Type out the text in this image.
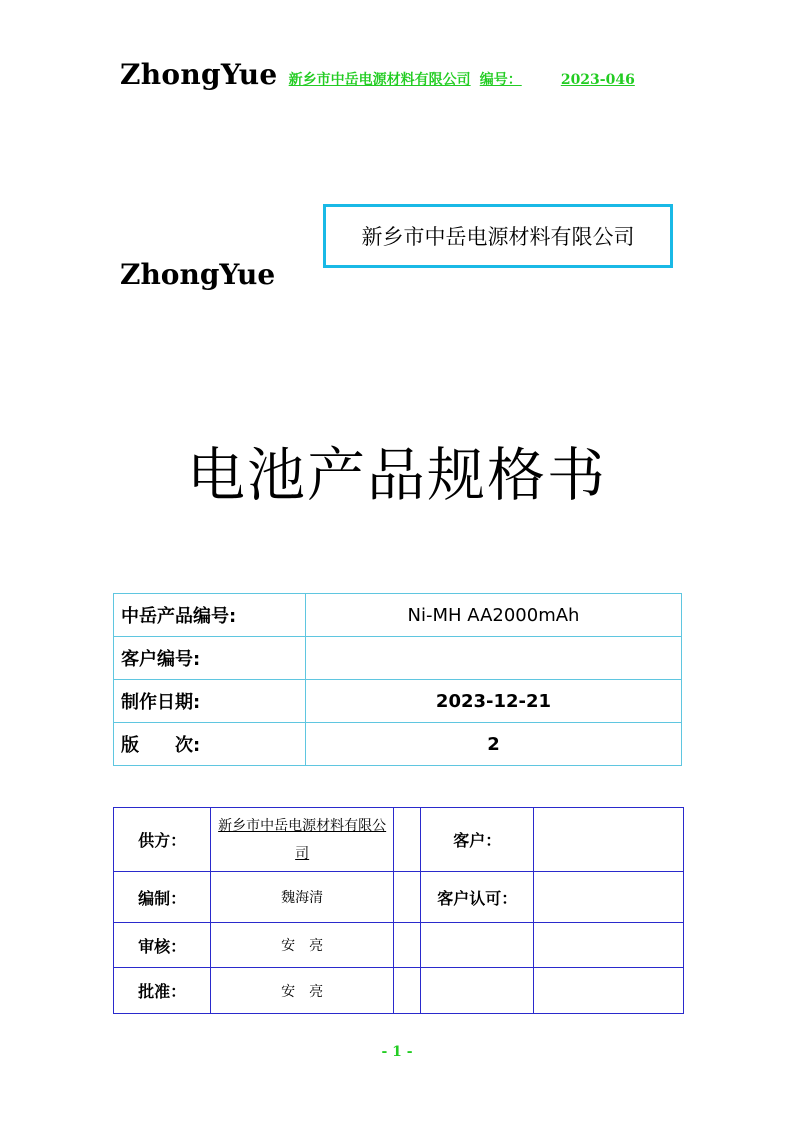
ZhongYue 新乡市中岳电源材料有限公司 编号：	2023-046
新乡市中岳电源材料有限公司
ZhongYue
电池产品规格书
中岳产品编号:	Ni-MH AA2000mAh
客户编号:	
制作日期:	2023-12-21
版　　次:	2
供方：	新乡市中岳电源材料有限公司		客户：	
编制：	魏海清		客户认可：	
审核：	安　亮			
批准：	安　亮			
- 1 -
